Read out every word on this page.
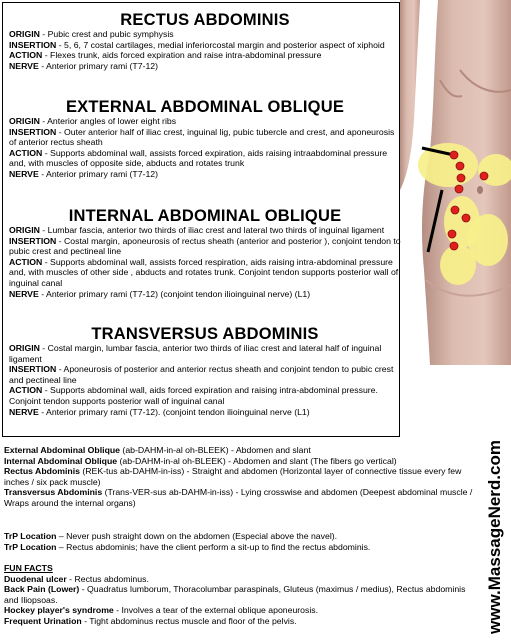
RECTUS ABDOMINIS
ORIGIN - Pubic crest and pubic symphysis
INSERTION - 5, 6, 7 costal cartilages, medial inferiorcostal margin and posterior aspect of xiphoid
ACTION - Flexes trunk, aids forced expiration and raise intra-abdominal pressure
NERVE - Anterior primary rami (T7-12)
EXTERNAL ABDOMINAL OBLIQUE
ORIGIN - Anterior angles of lower eight ribs
INSERTION - Outer anterior half of iliac crest, inguinal lig, pubic tubercle and crest, and aponeurosis of anterior rectus sheath
ACTION - Supports abdominal wall, assists forced expiration, aids raising intraabdominal pressure and, with muscles of opposite side, abducts and rotates trunk
NERVE - Anterior primary rami (T7-12)
INTERNAL ABDOMINAL OBLIQUE
ORIGIN - Lumbar fascia, anterior two thirds of iliac crest and lateral two thirds of inguinal ligament
INSERTION - Costal margin, aponeurosis of rectus sheath (anterior and posterior ), conjoint tendon to pubic crest and pectineal line
ACTION - Supports abdominal wall, assists forced respiration, aids raising intra-abdominal pressure and, with muscles of other side , abducts and rotates trunk. Conjoint tendon supports posterior wall of inguinal canal
NERVE - Anterior primary rami (T7-12) (conjoint tendon ilioinguinal nerve) (L1)
TRANSVERSUS ABDOMINIS
ORIGIN - Costal margin, lumbar fascia, anterior two thirds of iliac crest and lateral half of inguinal ligament
INSERTION - Aponeurosis of posterior and anterior rectus sheath and conjoint tendon to pubic crest and pectineal line
ACTION - Supports abdominal wall, aids forced expiration and raising intra-abdominal pressure. Conjoint tendon supports posterior wall of inguinal canal
NERVE - Anterior primary rami (T7-12). (conjoint tendon ilioinguinal nerve (L1)
www.MassageNerd.com
External Abdominal Oblique (ab-DAHM-in-al oh-BLEEK) - Abdomen and slant
Internal Abdominal Oblique (ab-DAHM-in-al oh-BLEEK) - Abdomen and slant (The fibers go vertical)
Rectus Abdominis (REK-tus ab-DAHM-in-iss) - Straight and abdomen (Horizontal layer of connective tissue every few inches / six pack muscle)
Transversus Abdominis (Trans-VER-sus ab-DAHM-in-iss) - Lying crosswise and abdomen (Deepest abdominal muscle / Wraps around the internal organs)
TrP Location – Never push straight down on the abdomen (Especial above the navel).
TrP Location – Rectus abdominis; have the client perform a sit-up to find the rectus abdominis.
FUN FACTS
Duodenal ulcer - Rectus abdominus.
Back Pain (Lower) - Quadratus lumborum, Thoracolumbar paraspinals, Gluteus (maximus / medius), Rectus abdominis and Iliopsoas.
Hockey player's syndrome - Involves a tear of the external oblique aponeurosis.
Frequent Urination - Tight abdominus rectus muscle and floor of the pelvis.
